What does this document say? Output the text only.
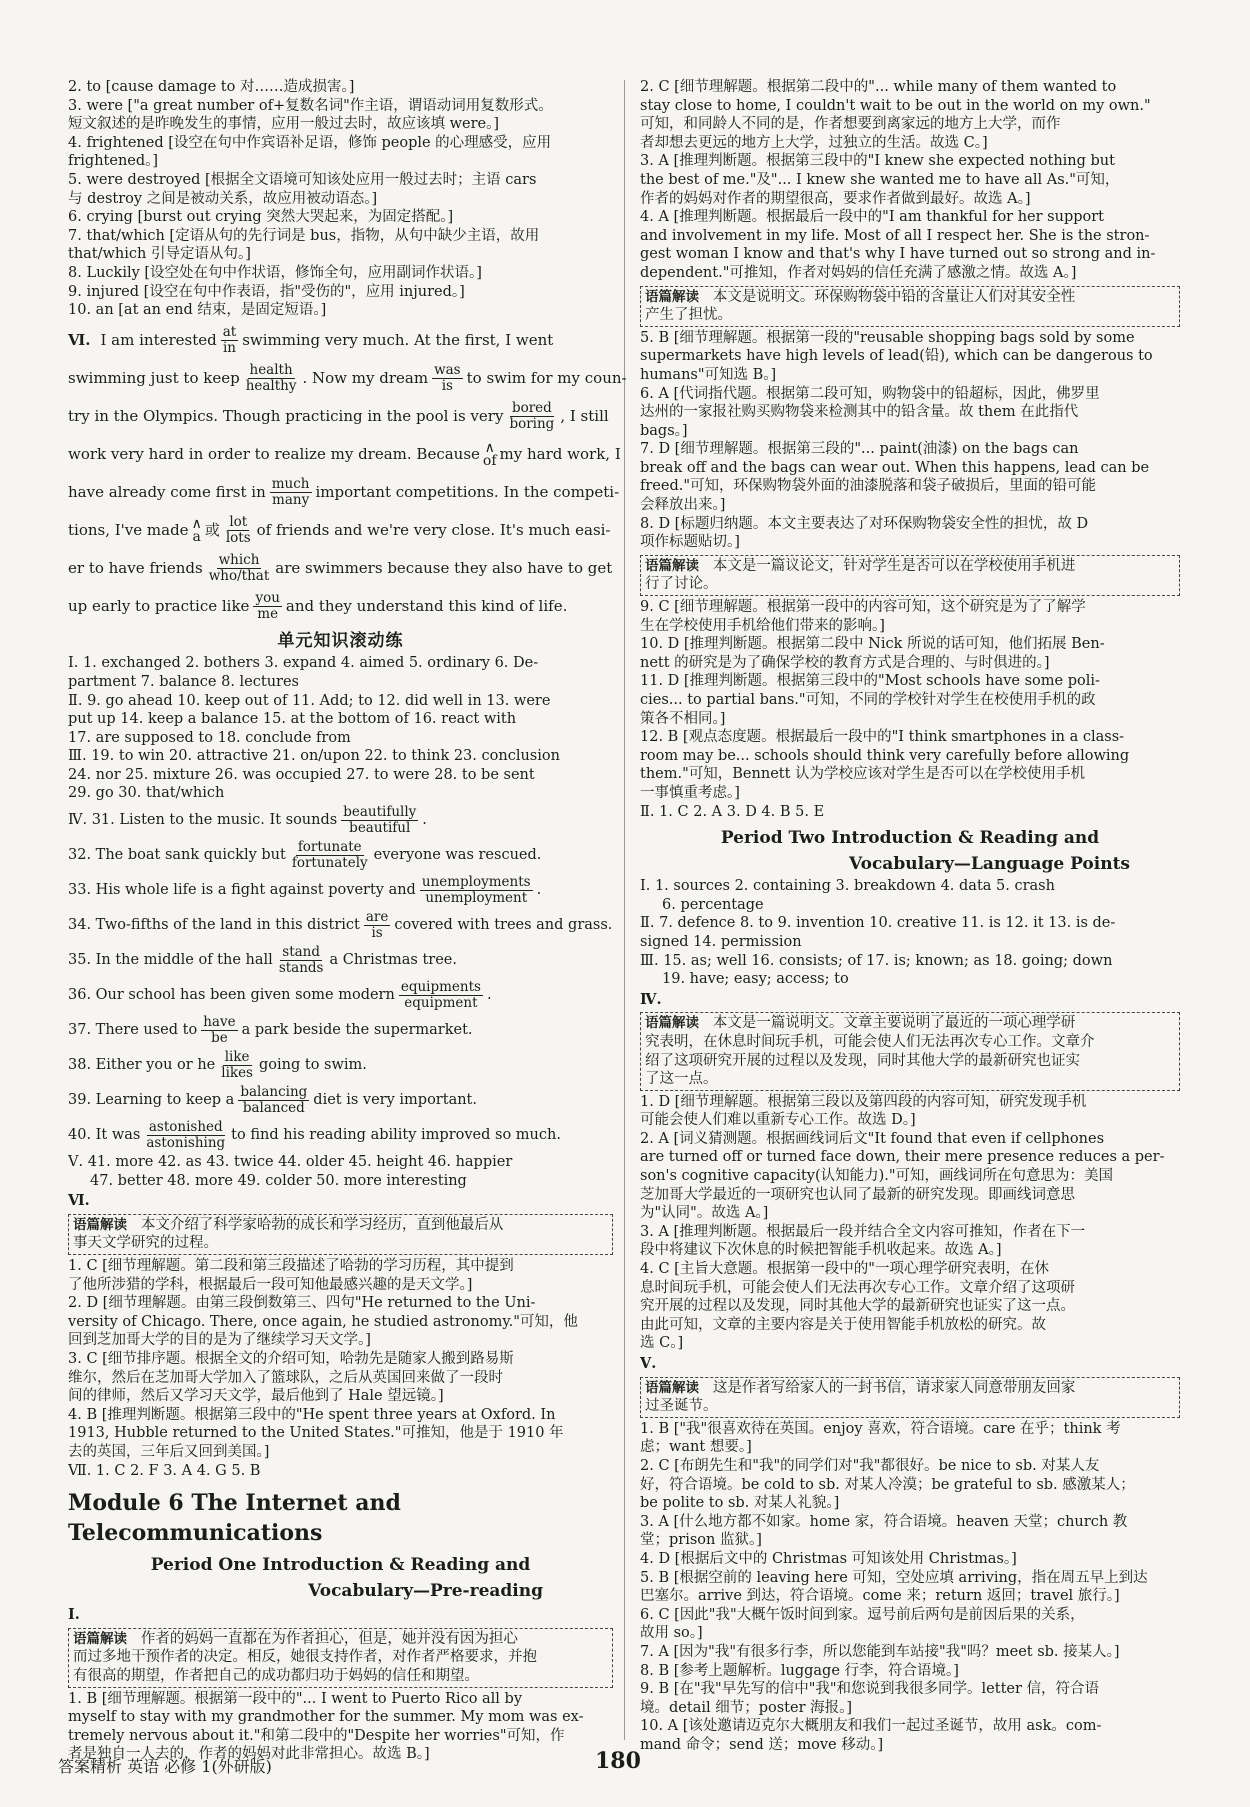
2. to [cause damage to 对……造成损害。]
3. were ["a great number of+复数名词"作主语，谓语动词用复数形式。
短文叙述的是昨晚发生的事情，应用一般过去时，故应该填 were。]
4. frightened [设空在句中作宾语补足语，修饰 people 的心理感受，应用
frightened。]
5. were destroyed [根据全文语境可知该处应用一般过去时；主语 cars
与 destroy 之间是被动关系，故应用被动语态。]
6. crying [burst out crying 突然大哭起来，为固定搭配。]
7. that/which [定语从句的先行词是 bus，指物，从句中缺少主语，故用
that/which 引导定语从句。]
8. Luckily [设空处在句中作状语，修饰全句，应用副词作状语。]
9. injured [设空在句中作表语，指"受伤的"，应用 injured。]
10. an [at an end 结束，是固定短语。]
Ⅵ. I am interested at
in swimming very much. At the first, I went
swimming just to keep health
healthy . Now my dream was
is to swim for my coun-
try in the Olympics. Though practicing in the pool is very bored
boring , I still
work very hard in order to realize my dream. Because ∧
of my hard work, I
have already come first in much
many important competitions. In the competi-
tions, I've made ∧
a 或 lot
lots of friends and we're very close. It's much easi-
er to have friends which
who/that are swimmers because they also have to get
up early to practice like you
me and they understand this kind of life.
单元知识滚动练
Ⅰ. 1. exchanged 2. bothers 3. expand 4. aimed 5. ordinary 6. De-
partment 7. balance 8. lectures
Ⅱ. 9. go ahead 10. keep out of 11. Add; to 12. did well in 13. were
put up 14. keep a balance 15. at the bottom of 16. react with
17. are supposed to 18. conclude from
Ⅲ. 19. to win 20. attractive 21. on/upon 22. to think 23. conclusion
24. nor 25. mixture 26. was occupied 27. to were 28. to be sent
29. go 30. that/which
Ⅳ. 31. Listen to the music. It sounds
beautifully
beautiful .
32. The boat sank quickly but
fortunate
fortunately everyone was rescued.
33. His whole life is a fight against poverty and
unemployments
unemployment .
34. Two-fifths of the land in this district
are
is covered with trees and grass.
35. In the middle of the hall
stand
stands a Christmas tree.
36. Our school has been given some modern
equipments
equipment .
37. There used to
have
be a park beside the supermarket.
38. Either you or he
like
likes going to swim.
39. Learning to keep a
balancing
balanced diet is very important.
40. It was
astonished
astonishing to find his reading ability improved so much.
Ⅴ. 41. more 42. as 43. twice 44. older 45. height 46. happier
47. better 48. more 49. colder 50. more interesting
Ⅵ.
语篇解读 本文介绍了科学家哈勃的成长和学习经历，直到他最后从
事天文学研究的过程。
1. C [细节理解题。第二段和第三段描述了哈勃的学习历程，其中提到
了他所涉猎的学科，根据最后一段可知他最感兴趣的是天文学。]
2. D [细节理解题。由第三段倒数第三、四句"He returned to the Uni-
versity of Chicago. There, once again, he studied astronomy."可知，他
回到芝加哥大学的目的是为了继续学习天文学。]
3. C [细节排序题。根据全文的介绍可知，哈勃先是随家人搬到路易斯
维尔，然后在芝加哥大学加入了篮球队，之后从英国回来做了一段时
间的律师，然后又学习天文学，最后他到了 Hale 望远镜。]
4. B [推理判断题。根据第三段中的"He spent three years at Oxford. In
1913, Hubble returned to the United States."可推知，他是于 1910 年
去的英国，三年后又回到美国。]
Ⅶ. 1. C 2. F 3. A 4. G 5. B
Module 6 The Internet and Telecommunications
Period One Introduction & Reading and
Vocabulary—Pre-reading
Ⅰ.
语篇解读 作者的妈妈一直都在为作者担心，但是，她并没有因为担心
而过多地干预作者的决定。相反，她很支持作者，对作者严格要求，并抱
有很高的期望，作者把自己的成功都归功于妈妈的信任和期望。
1. B [细节理解题。根据第一段中的"... I went to Puerto Rico all by
myself to stay with my grandmother for the summer. My mom was ex-
tremely nervous about it."和第二段中的"Despite her worries"可知，作
者是独自一人去的，作者的妈妈对此非常担心。故选 B。]
2. C [细节理解题。根据第二段中的"... while many of them wanted to
stay close to home, I couldn't wait to be out in the world on my own."
可知，和同龄人不同的是，作者想要到离家远的地方上大学，而作
者却想去更远的地方上大学，过独立的生活。故选 C。]
3. A [推理判断题。根据第三段中的"I knew she expected nothing but
the best of me."及"... I knew she wanted me to have all As."可知，
作者的妈妈对作者的期望很高，要求作者做到最好。故选 A。]
4. A [推理判断题。根据最后一段中的"I am thankful for her support
and involvement in my life. Most of all I respect her. She is the stron-
gest woman I know and that's why I have turned out so strong and in-
dependent."可推知，作者对妈妈的信任充满了感激之情。故选 A。]
语篇解读 本文是说明文。环保购物袋中铅的含量让人们对其安全性
产生了担忧。
5. B [细节理解题。根据第一段的"reusable shopping bags sold by some
supermarkets have high levels of lead(铅), which can be dangerous to
humans"可知选 B。]
6. A [代词指代题。根据第二段可知，购物袋中的铅超标，因此，佛罗里
达州的一家报社购买购物袋来检测其中的铅含量。故 them 在此指代
bags。]
7. D [细节理解题。根据第三段的"... paint(油漆) on the bags can
break off and the bags can wear out. When this happens, lead can be
freed."可知，环保购物袋外面的油漆脱落和袋子破损后，里面的铅可能
会释放出来。]
8. D [标题归纳题。本文主要表达了对环保购物袋安全性的担忧，故 D
项作标题贴切。]
语篇解读 本文是一篇议论文，针对学生是否可以在学校使用手机进
行了讨论。
9. C [细节理解题。根据第一段中的内容可知，这个研究是为了了解学
生在学校使用手机给他们带来的影响。]
10. D [推理判断题。根据第二段中 Nick 所说的话可知，他们拓展 Ben-
nett 的研究是为了确保学校的教育方式是合理的、与时俱进的。]
11. D [推理判断题。根据第三段中的"Most schools have some poli-
cies... to partial bans."可知，不同的学校针对学生在校使用手机的政
策各不相同。]
12. B [观点态度题。根据最后一段中的"I think smartphones in a class-
room may be... schools should think very carefully before allowing
them."可知，Bennett 认为学校应该对学生是否可以在学校使用手机
一事慎重考虑。]
Ⅱ. 1. C 2. A 3. D 4. B 5. E
Period Two Introduction & Reading and
Vocabulary—Language Points
Ⅰ. 1. sources 2. containing 3. breakdown 4. data 5. crash
6. percentage
Ⅱ. 7. defence 8. to 9. invention 10. creative 11. is 12. it 13. is de-
signed 14. permission
Ⅲ. 15. as; well 16. consists; of 17. is; known; as 18. going; down
19. have; easy; access; to
Ⅳ.
语篇解读 本文是一篇说明文。文章主要说明了最近的一项心理学研
究表明，在休息时间玩手机，可能会使人们无法再次专心工作。文章介
绍了这项研究开展的过程以及发现，同时其他大学的最新研究也证实
了这一点。
1. D [细节理解题。根据第三段以及第四段的内容可知，研究发现手机
可能会使人们难以重新专心工作。故选 D。]
2. A [词义猜测题。根据画线词后文"It found that even if cellphones
are turned off or turned face down, their mere presence reduces a per-
son's cognitive capacity(认知能力)."可知，画线词所在句意思为：美国
芝加哥大学最近的一项研究也认同了最新的研究发现。即画线词意思
为"认同"。故选 A。]
3. A [推理判断题。根据最后一段并结合全文内容可推知，作者在下一
段中将建议下次休息的时候把智能手机收起来。故选 A。]
4. C [主旨大意题。根据第一段中的"一项心理学研究表明，在休
息时间玩手机，可能会使人们无法再次专心工作。文章介绍了这项研
究开展的过程以及发现，同时其他大学的最新研究也证实了这一点。
由此可知，文章的主要内容是关于使用智能手机放松的研究。故
选 C。]
Ⅴ.
语篇解读 这是作者写给家人的一封书信，请求家人同意带朋友回家
过圣诞节。
1. B ["我"很喜欢待在英国。enjoy 喜欢，符合语境。care 在乎；think 考
虑；want 想要。]
2. C [布朗先生和"我"的同学们对"我"都很好。be nice to sb. 对某人友
好，符合语境。be cold to sb. 对某人冷漠；be grateful to sb. 感激某人；
be polite to sb. 对某人礼貌。]
3. A [什么地方都不如家。home 家，符合语境。heaven 天堂；church 教
堂；prison 监狱。]
4. D [根据后文中的 Christmas 可知该处用 Christmas。]
5. B [根据空前的 leaving here 可知，空处应填 arriving，指在周五早上到达
巴塞尔。arrive 到达，符合语境。come 来；return 返回；travel 旅行。]
6. C [因此"我"大概午饭时间到家。逗号前后两句是前因后果的关系，
故用 so。]
7. A [因为"我"有很多行李，所以您能到车站接"我"吗？meet sb. 接某人。]
8. B [参考上题解析。luggage 行李，符合语境。]
9. B [在"我"早先写的信中"我"和您说到我很多同学。letter 信，符合语
境。detail 细节；poster 海报。]
10. A [该处邀请迈克尔大概朋友和我们一起过圣诞节，故用 ask。com-
mand 命令；send 送；move 移动。]
答案精析 英语 必修 1(外研版)	180
